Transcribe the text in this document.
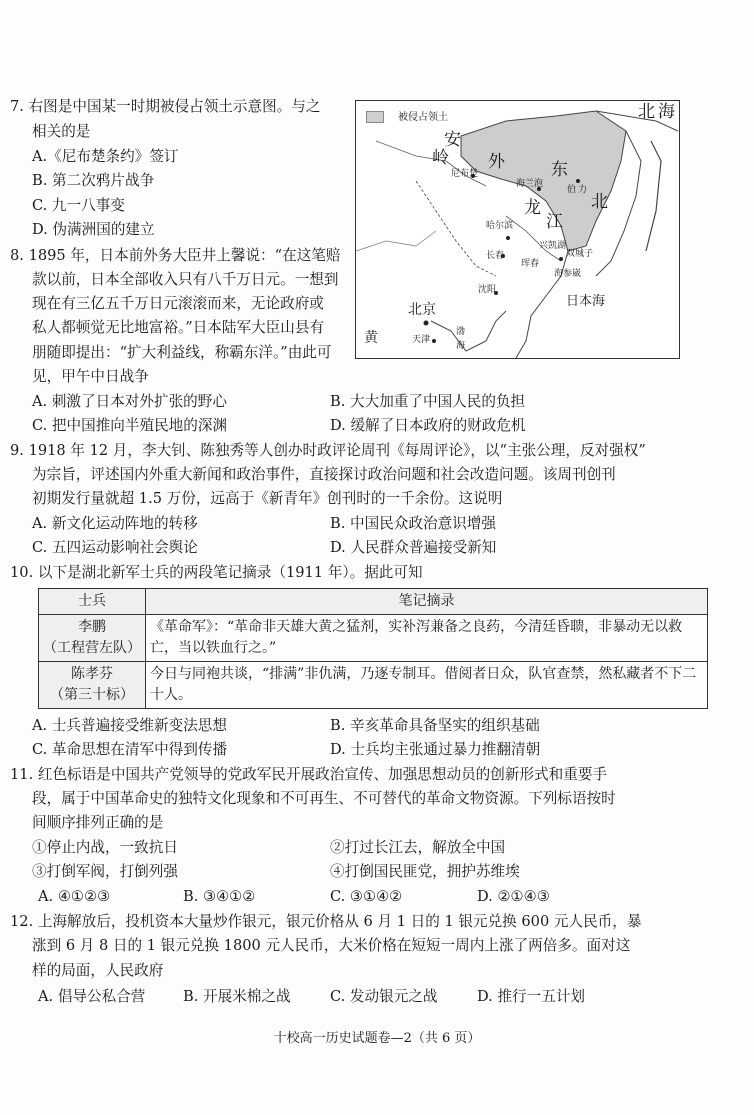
7. 右图是中国某一时期被侵占领土示意图。与之
相关的是
A.《尼布楚条约》签订
B. 第二次鸦片战争
C. 九一八事变
D. 伪满洲国的建立
被侵占领土	北 海
安
岭 外	东
尼布楚
海兰泡
伯 力
北
龙
江
哈尔滨
长春
兴凯湖
双城子
珲春
海参崴
沈阳
日本海
北京
天津
黄	渤
海
8. 1895 年，日本前外务大臣井上馨说：“在这笔赔
款以前，日本全部收入只有八千万日元。一想到
现在有三亿五千万日元滚滚而来，无论政府或
私人都顿觉无比地富裕。”日本陆军大臣山县有
朋随即提出：“扩大利益线，称霸东洋。”由此可
见，甲午中日战争
A. 刺激了日本对外扩张的野心	B. 大大加重了中国人民的负担
C. 把中国推向半殖民地的深渊	D. 缓解了日本政府的财政危机
9. 1918 年 12 月，李大钊、陈独秀等人创办时政评论周刊《每周评论》，以“主张公理，反对强权”
为宗旨，评述国内外重大新闻和政治事件，直接探讨政治问题和社会改造问题。该周刊创刊
初期发行量就超 1.5 万份，远高于《新青年》创刊时的一千余份。这说明
A. 新文化运动阵地的转移	B. 中国民众政治意识增强
C. 五四运动影响社会舆论	D. 人民群众普遍接受新知
10. 以下是湖北新军士兵的两段笔记摘录（1911 年）。据此可知
士兵	笔记摘录

李鹏
（工程营左队）	《革命军》：“革命非天雄大黄之猛剂，实补泻兼备之良药，今清廷昏聩，非暴动无以救亡，当以铁血行之。”

陈孝芬
（第三十标）	今日与同袍共谈，“排满”非仇满，乃逐专制耳。借阅者日众，队官查禁，然私藏者不下二十人。
A. 士兵普遍接受维新变法思想	B. 辛亥革命具备坚实的组织基础
C. 革命思想在清军中得到传播	D. 士兵均主张通过暴力推翻清朝
11. 红色标语是中国共产党领导的党政军民开展政治宣传、加强思想动员的创新形式和重要手
段，属于中国革命史的独特文化现象和不可再生、不可替代的革命文物资源。下列标语按时
间顺序排列正确的是
①停止内战，一致抗日	②打过长江去，解放全中国
③打倒军阀，打倒列强	④打倒国民匪党，拥护苏维埃
A. ④①②③	B. ③④①②	C. ③①④②	D. ②①④③
12. 上海解放后，投机资本大量炒作银元，银元价格从 6 月 1 日的 1 银元兑换 600 元人民币，暴
涨到 6 月 8 日的 1 银元兑换 1800 元人民币，大米价格在短短一周内上涨了两倍多。面对这
样的局面，人民政府
A. 倡导公私合营	B. 开展米棉之战	C. 发动银元之战	D. 推行一五计划
十校高一历史试题卷—2（共 6 页）
